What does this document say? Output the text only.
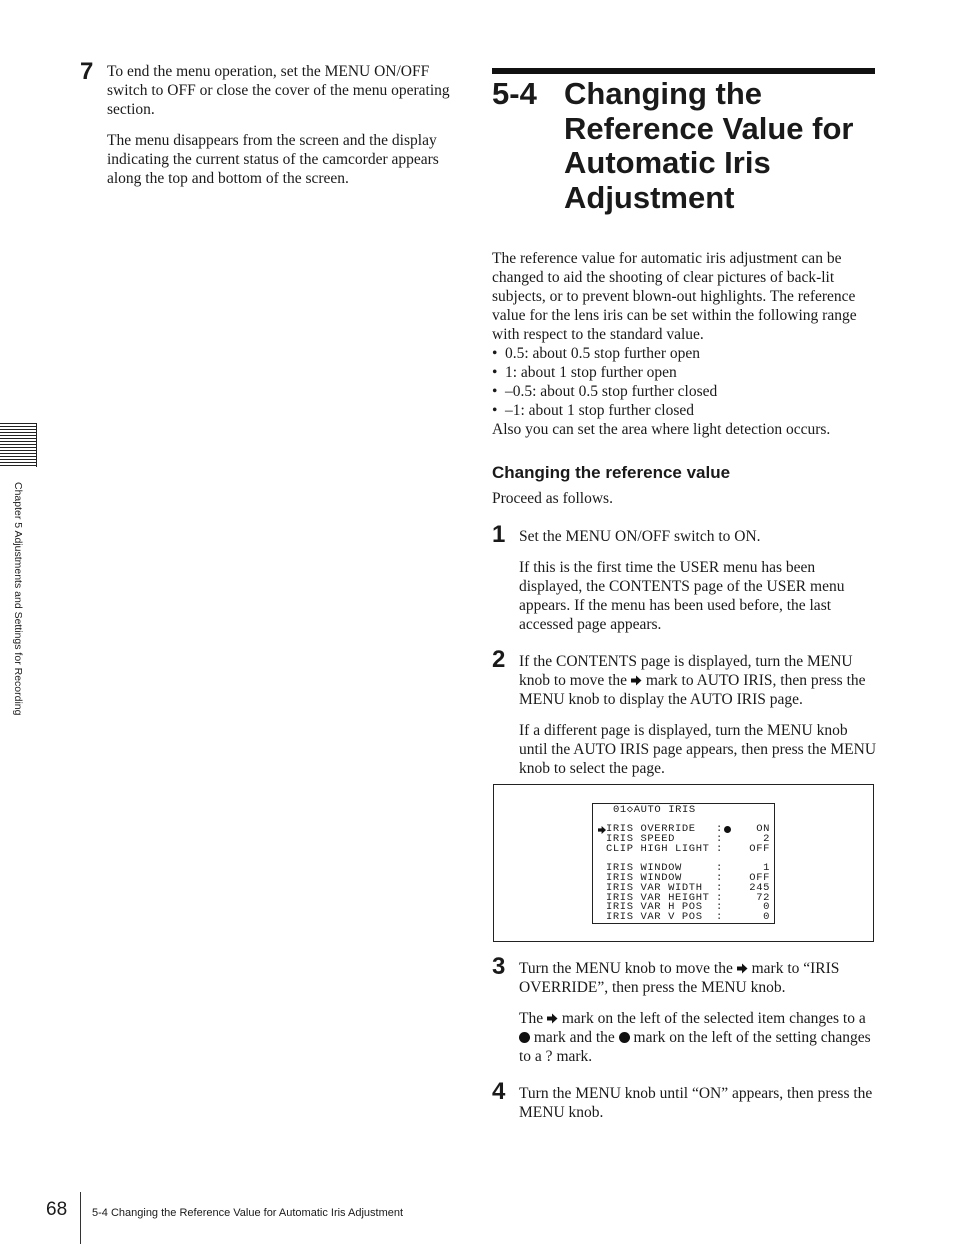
7 To end the menu operation, set the MENU ON/OFF switch to OFF or close the cover of the menu operating section.

The menu disappears from the screen and the display indicating the current status of the camcorder appears along the top and bottom of the screen.

Chapter 5 Adjustments and Settings for Recording
5-4 Changing the Reference Value for Automatic Iris Adjustment

The reference value for automatic iris adjustment can be changed to aid the shooting of clear pictures of back-lit subjects, or to prevent blown-out highlights. The reference value for the lens iris can be set within the following range with respect to the standard value.

• 0.5: about 0.5 stop further open
• 1: about 1 stop further open
• –0.5: about 0.5 stop further closed
• –1: about 1 stop further closed

Also you can set the area where light detection occurs.

Changing the reference value
Proceed as follows.
1 Set the MENU ON/OFF switch to ON.

If this is the first time the USER menu has been displayed, the CONTENTS page of the USER menu appears. If the menu has been used before, the last accessed page appears.

2 If the CONTENTS page is displayed, turn the MENU knob to move the mark to AUTO IRIS, then press the MENU knob to display the AUTO IRIS page.

If a different page is displayed, turn the MENU knob until the AUTO IRIS page appears, then press the MENU knob to select the page.

01◇AUTO IRIS
IRIS OVERRIDE :	ON
IRIS SPEED	:	2
CLIP HIGH LIGHT :	OFF
IRIS WINDOW	:	1
IRIS WINDOW	:	OFF
IRIS VAR WIDTH :	245
IRIS VAR HEIGHT :	72
IRIS VAR H POS :	0
IRIS VAR V POS :	0
3 Turn the MENU knob to move the mark to “IRIS OVERRIDE”, then press the MENU knob.

The mark on the left of the selected item changes to a  mark and the mark on the left of the setting changes to a ? mark.

4 Turn the MENU knob until “ON” appears, then press the MENU knob.

68 5-4 Changing the Reference Value for Automatic Iris Adjustment
